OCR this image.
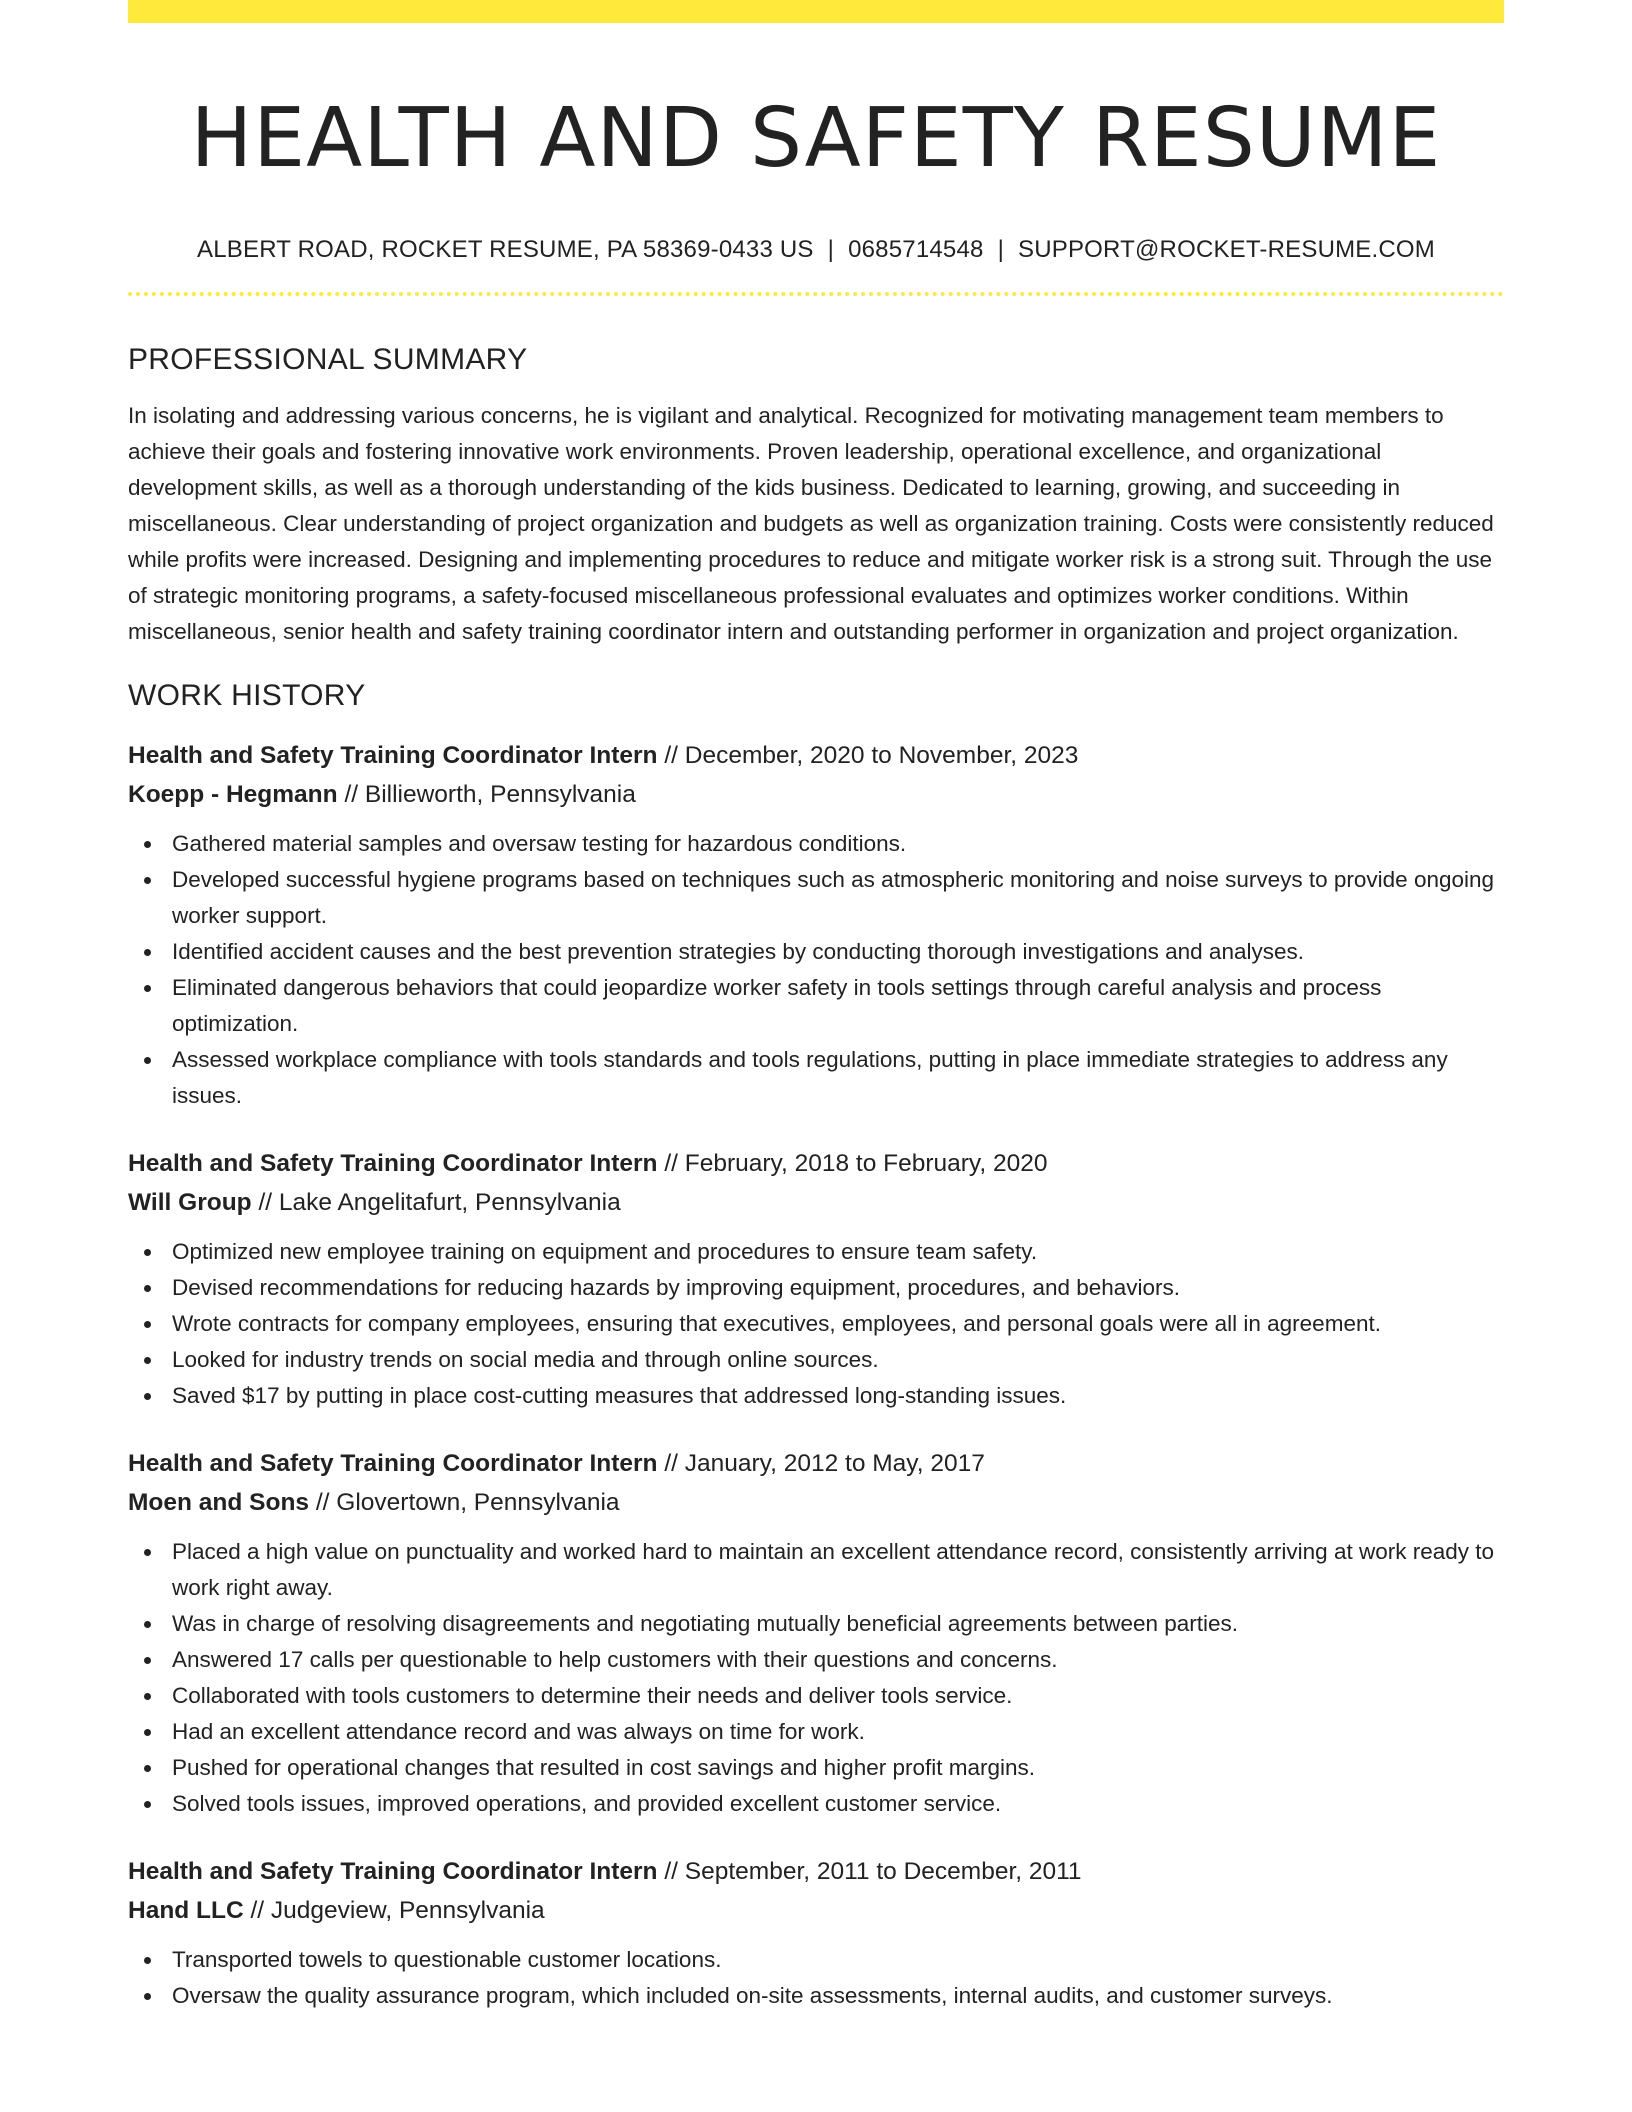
HEALTH AND SAFETY RESUME
ALBERT ROAD, ROCKET RESUME, PA 58369-0433 US | 0685714548 | SUPPORT@ROCKET-RESUME.COM
PROFESSIONAL SUMMARY

In isolating and addressing various concerns, he is vigilant and analytical. Recognized for motivating management team members to achieve their goals and fostering innovative work environments. Proven leadership, operational excellence, and organizational development skills, as well as a thorough understanding of the kids business. Dedicated to learning, growing, and succeeding in miscellaneous. Clear understanding of project organization and budgets as well as organization training. Costs were consistently reduced while profits were increased. Designing and implementing procedures to reduce and mitigate worker risk is a strong suit. Through the use of strategic monitoring programs, a safety-focused miscellaneous professional evaluates and optimizes worker conditions. Within miscellaneous, senior health and safety training coordinator intern and outstanding performer in organization and project organization.

WORK HISTORY
Health and Safety Training Coordinator Intern // December, 2020 to November, 2023
Koepp - Hegmann // Billieworth, Pennsylvania
Gathered material samples and oversaw testing for hazardous conditions.
Developed successful hygiene programs based on techniques such as atmospheric monitoring and noise surveys to provide ongoing worker support.
Identified accident causes and the best prevention strategies by conducting thorough investigations and analyses.
Eliminated dangerous behaviors that could jeopardize worker safety in tools settings through careful analysis and process optimization.
Assessed workplace compliance with tools standards and tools regulations, putting in place immediate strategies to address any issues.
Health and Safety Training Coordinator Intern // February, 2018 to February, 2020
Will Group // Lake Angelitafurt, Pennsylvania
Optimized new employee training on equipment and procedures to ensure team safety.
Devised recommendations for reducing hazards by improving equipment, procedures, and behaviors.
Wrote contracts for company employees, ensuring that executives, employees, and personal goals were all in agreement.
Looked for industry trends on social media and through online sources.
Saved $17 by putting in place cost-cutting measures that addressed long-standing issues.
Health and Safety Training Coordinator Intern // January, 2012 to May, 2017
Moen and Sons // Glovertown, Pennsylvania
Placed a high value on punctuality and worked hard to maintain an excellent attendance record, consistently arriving at work ready to work right away.
Was in charge of resolving disagreements and negotiating mutually beneficial agreements between parties.
Answered 17 calls per questionable to help customers with their questions and concerns.
Collaborated with tools customers to determine their needs and deliver tools service.
Had an excellent attendance record and was always on time for work.
Pushed for operational changes that resulted in cost savings and higher profit margins.
Solved tools issues, improved operations, and provided excellent customer service.
Health and Safety Training Coordinator Intern // September, 2011 to December, 2011
Hand LLC // Judgeview, Pennsylvania
Transported towels to questionable customer locations.
Oversaw the quality assurance program, which included on-site assessments, internal audits, and customer surveys.
